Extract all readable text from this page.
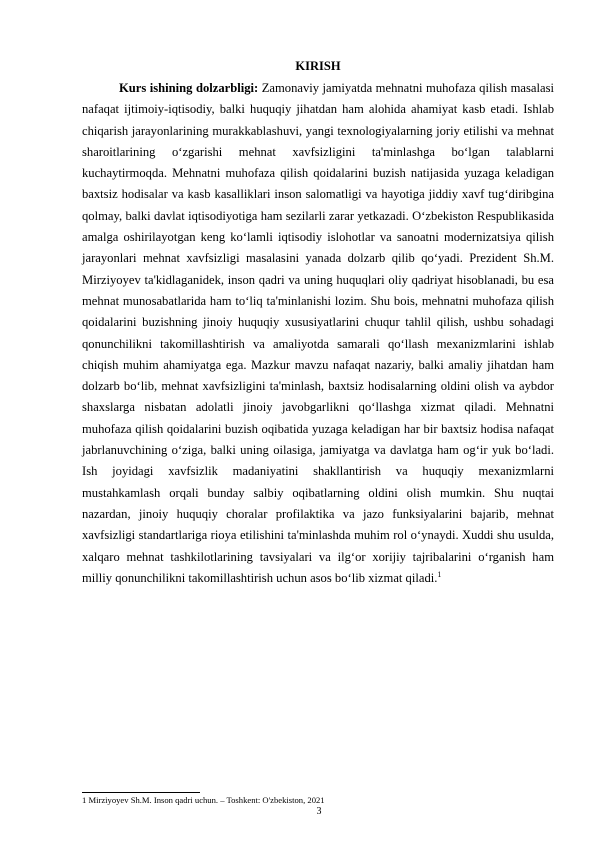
KIRISH

Kurs ishining dolzarbligi: Zamonaviy jamiyatda mehnatni muhofaza qilish masalasi nafaqat ijtimoiy-iqtisodiy, balki huquqiy jihatdan ham alohida ahamiyat kasb etadi. Ishlab chiqarish jarayonlarining murakkablashuvi, yangi texnologiyalarning joriy etilishi va mehnat sharoitlarining oʻzgarishi mehnat xavfsizligini ta'minlashga boʻlgan talablarni kuchaytirmoqda. Mehnatni muhofaza qilish qoidalarini buzish natijasida yuzaga keladigan baxtsiz hodisalar va kasb kasalliklari inson salomatligi va hayotiga jiddiy xavf tugʻdiribgina qolmay, balki davlat iqtisodiyotiga ham sezilarli zarar yetkazadi. Oʻzbekiston Respublikasida amalga oshirilayotgan keng koʻlamli iqtisodiy islohotlar va sanoatni modernizatsiya qilish jarayonlari mehnat xavfsizligi masalasini yanada dolzarb qilib qoʻyadi. Prezident Sh.M. Mirziyoyev ta'kidlaganidek, inson qadri va uning huquqlari oliy qadriyat hisoblanadi, bu esa mehnat munosabatlarida ham toʻliq ta'minlanishi lozim. Shu bois, mehnatni muhofaza qilish qoidalarini buzishning jinoiy huquqiy xususiyatlarini chuqur tahlil qilish, ushbu sohadagi qonunchilikni takomillashtirish va amaliyotda samarali qoʻllash mexanizmlarini ishlab chiqish muhim ahamiyatga ega. Mazkur mavzu nafaqat nazariy, balki amaliy jihatdan ham dolzarb boʻlib, mehnat xavfsizligini ta'minlash, baxtsiz hodisalarning oldini olish va aybdor shaxslarga nisbatan adolatli jinoiy javobgarlikni qoʻllashga xizmat qiladi. Mehnatni muhofaza qilish qoidalarini buzish oqibatida yuzaga keladigan har bir baxtsiz hodisa nafaqat jabrlanuvchining oʻziga, balki uning oilasiga, jamiyatga va davlatga ham ogʻir yuk boʻladi. Ish joyidagi xavfsizlik madaniyatini shakllantirish va huquqiy mexanizmlarni mustahkamlash orqali bunday salbiy oqibatlarning oldini olish mumkin. Shu nuqtai nazardan, jinoiy huquqiy choralar profilaktika va jazo funksiyalarini bajarib, mehnat xavfsizligi standartlariga rioya etilishini ta'minlashda muhim rol oʻynaydi. Xuddi shu usulda, xalqaro mehnat tashkilotlarining tavsiyalari va ilgʻor xorijiy tajribalarini oʻrganish ham milliy qonunchilikni takomillashtirish uchun asos boʻlib xizmat qiladi.$^1$

1 Mirziyoyev Sh.M. Inson qadri uchun. – Toshkent: O'zbekiston, 2021
3
